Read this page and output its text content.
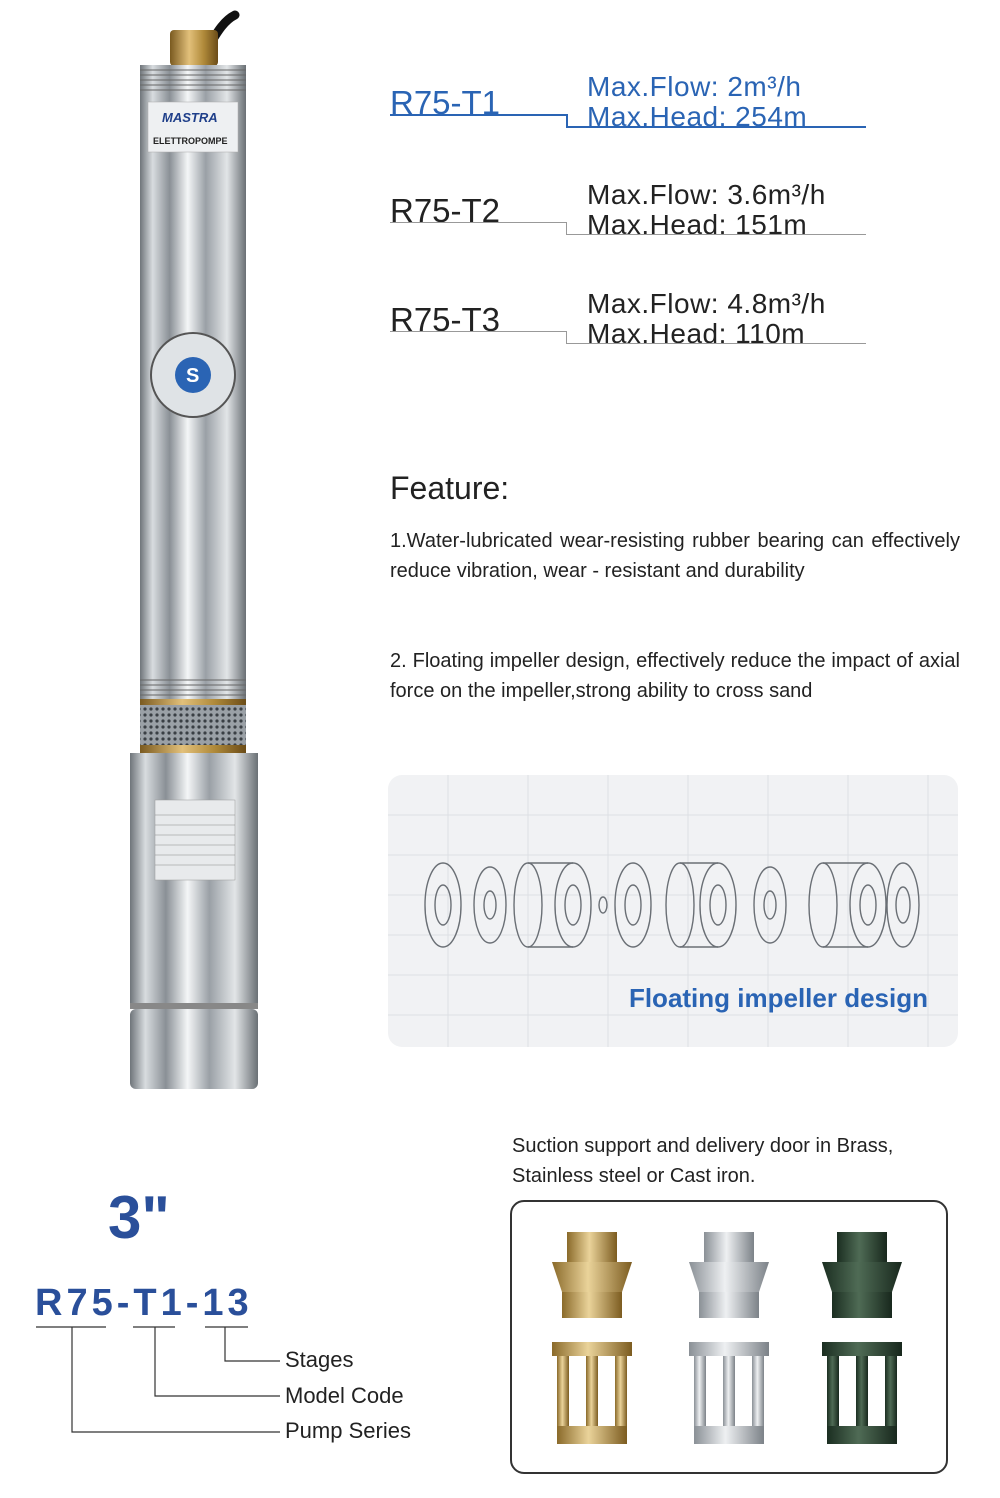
MASTRA
ELETTROPOMPE
S
R75-T1	Max.Flow: 2m³/h
Max.Head: 254m
R75-T2	Max.Flow: 3.6m³/h
Max.Head: 151m
R75-T3	Max.Flow: 4.8m³/h
Max.Head: 110m
Feature:
1.Water-lubricated wear-resisting rubber bearing can effectively reduce vibration, wear - resistant and durability
2. Floating impeller design, effectively reduce the impact of axial force on the impeller,strong ability to cross sand
Floating impeller design
3"
R75-T1-13
Stages
Model Code
Pump Series
Suction support and delivery door in Brass,
Stainless steel or Cast iron.
